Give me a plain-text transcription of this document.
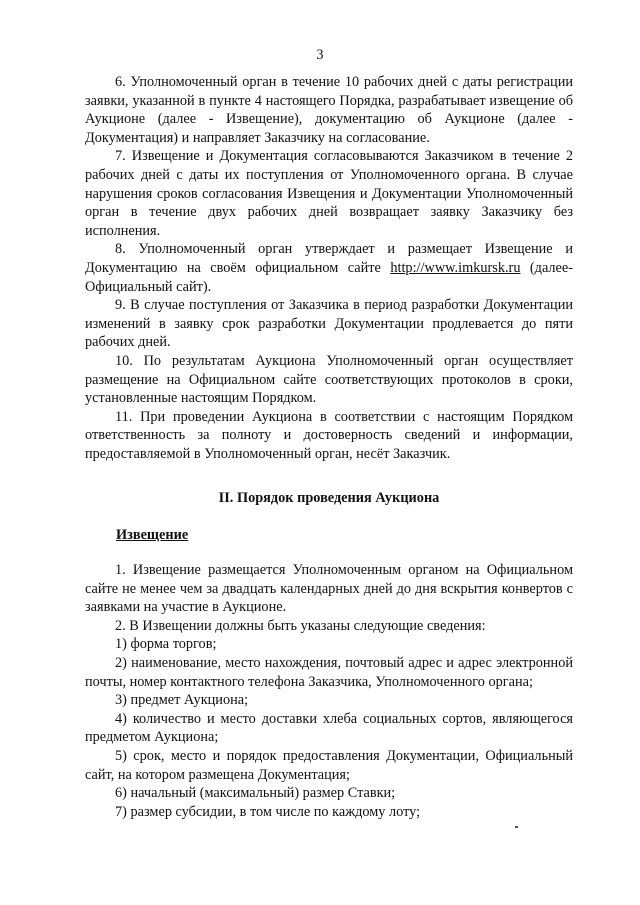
3

6. Уполномоченный орган в течение 10 рабочих дней с даты регистрации заявки, указанной в пункте 4 настоящего Порядка, разрабатывает извещение об Аукционе (далее - Извещение), документацию об Аукционе (далее - Документация) и направляет Заказчику на согласование.

7. Извещение и Документация согласовываются Заказчиком в течение 2 рабочих дней с даты их поступления от Уполномоченного органа. В случае нарушения сроков согласования Извещения и Документации Уполномоченный орган в течение двух рабочих дней возвращает заявку Заказчику без исполнения.

8. Уполномоченный орган утверждает и размещает Извещение и Документацию на своём официальном сайте http://www.imkursk.ru (далее- Официальный сайт).

9. В случае поступления от Заказчика в период разработки Документации изменений в заявку срок разработки Документации продлевается до пяти рабочих дней.

10. По результатам Аукциона Уполномоченный орган осуществляет размещение на Официальном сайте соответствующих протоколов в сроки, установленные настоящим Порядком.

11. При проведении Аукциона в соответствии с настоящим Порядком ответственность за полноту и достоверность сведений и информации, предоставляемой в Уполномоченный орган, несёт Заказчик.

II. Порядок проведения Аукциона
Извещение

1. Извещение размещается Уполномоченным органом на Официальном сайте не менее чем за двадцать календарных дней до дня вскрытия конвертов с заявками на участие в Аукционе.

2. В Извещении должны быть указаны следующие сведения:

1) форма торгов;

2) наименование, место нахождения, почтовый адрес и адрес электронной почты, номер контактного телефона Заказчика, Уполномоченного органа;

3) предмет Аукциона;

4) количество и место доставки хлеба социальных сортов, являющегося предметом Аукциона;

5) срок, место и порядок предоставления Документации, Официальный сайт, на котором размещена Документация;

6) начальный (максимальный) размер Ставки;

7) размер субсидии, в том числе по каждому лоту;
